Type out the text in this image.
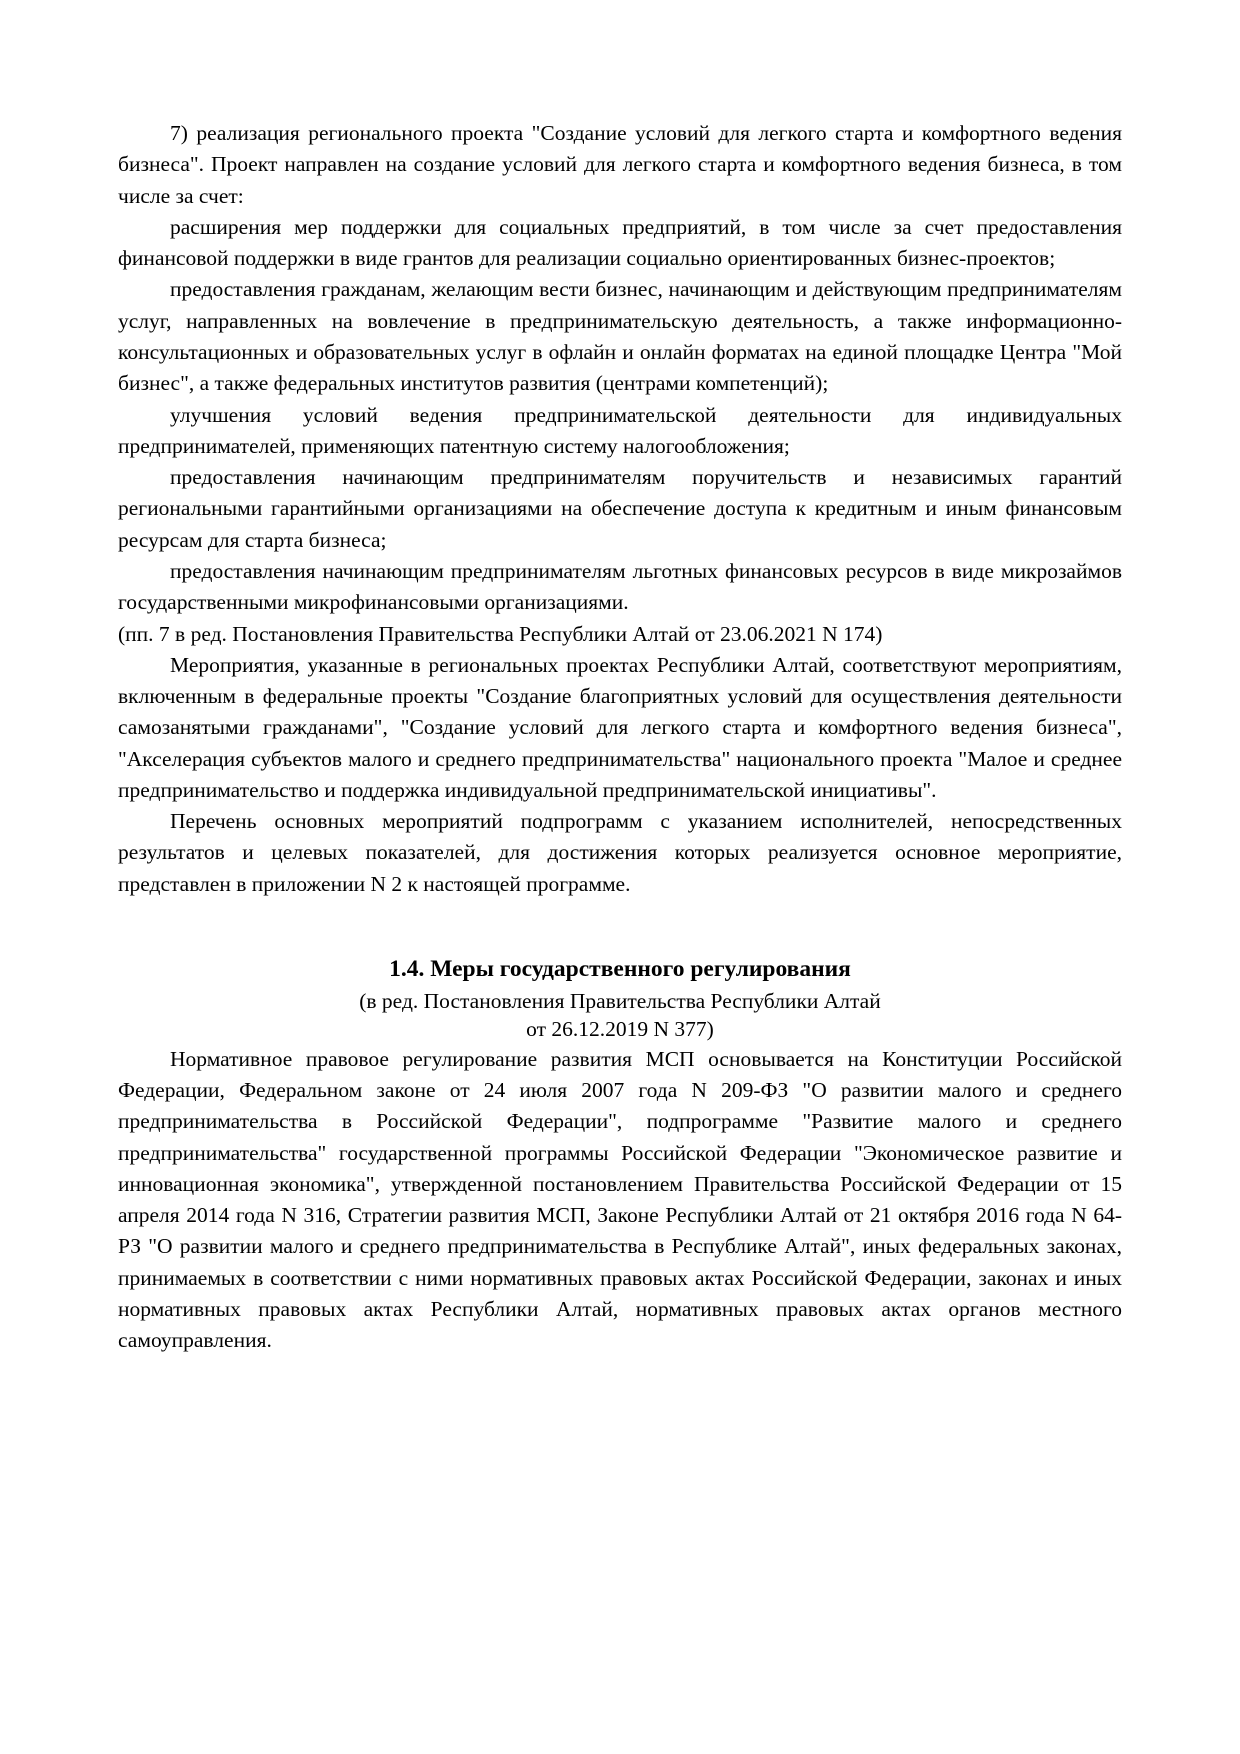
7) реализация регионального проекта "Создание условий для легкого старта и комфортного ведения бизнеса". Проект направлен на создание условий для легкого старта и комфортного ведения бизнеса, в том числе за счет:

расширения мер поддержки для социальных предприятий, в том числе за счет предоставления финансовой поддержки в виде грантов для реализации социально ориентированных бизнес-проектов;

предоставления гражданам, желающим вести бизнес, начинающим и действующим предпринимателям услуг, направленных на вовлечение в предпринимательскую деятельность, а также информационно-консультационных и образовательных услуг в офлайн и онлайн форматах на единой площадке Центра "Мой бизнес", а также федеральных институтов развития (центрами компетенций);

улучшения условий ведения предпринимательской деятельности для индивидуальных предпринимателей, применяющих патентную систему налогообложения;

предоставления начинающим предпринимателям поручительств и независимых гарантий региональными гарантийными организациями на обеспечение доступа к кредитным и иным финансовым ресурсам для старта бизнеса;

предоставления начинающим предпринимателям льготных финансовых ресурсов в виде микрозаймов государственными микрофинансовыми организациями.

(пп. 7 в ред. Постановления Правительства Республики Алтай от 23.06.2021 N 174)

Мероприятия, указанные в региональных проектах Республики Алтай, соответствуют мероприятиям, включенным в федеральные проекты "Создание благоприятных условий для осуществления деятельности самозанятыми гражданами", "Создание условий для легкого старта и комфортного ведения бизнеса", "Акселерация субъектов малого и среднего предпринимательства" национального проекта "Малое и среднее предпринимательство и поддержка индивидуальной предпринимательской инициативы".

Перечень основных мероприятий подпрограмм с указанием исполнителей, непосредственных результатов и целевых показателей, для достижения которых реализуется основное мероприятие, представлен в приложении N 2 к настоящей программе.

1.4. Меры государственного регулирования

(в ред. Постановления Правительства Республики Алтай
от 26.12.2019 N 377)

Нормативное правовое регулирование развития МСП основывается на Конституции Российской Федерации, Федеральном законе от 24 июля 2007 года N 209-ФЗ "О развитии малого и среднего предпринимательства в Российской Федерации", подпрограмме "Развитие малого и среднего предпринимательства" государственной программы Российской Федерации "Экономическое развитие и инновационная экономика", утвержденной постановлением Правительства Российской Федерации от 15 апреля 2014 года N 316, Стратегии развития МСП, Законе Республики Алтай от 21 октября 2016 года N 64-РЗ "О развитии малого и среднего предпринимательства в Республике Алтай", иных федеральных законах, принимаемых в соответствии с ними нормативных правовых актах Российской Федерации, законах и иных нормативных правовых актах Республики Алтай, нормативных правовых актах органов местного самоуправления.
